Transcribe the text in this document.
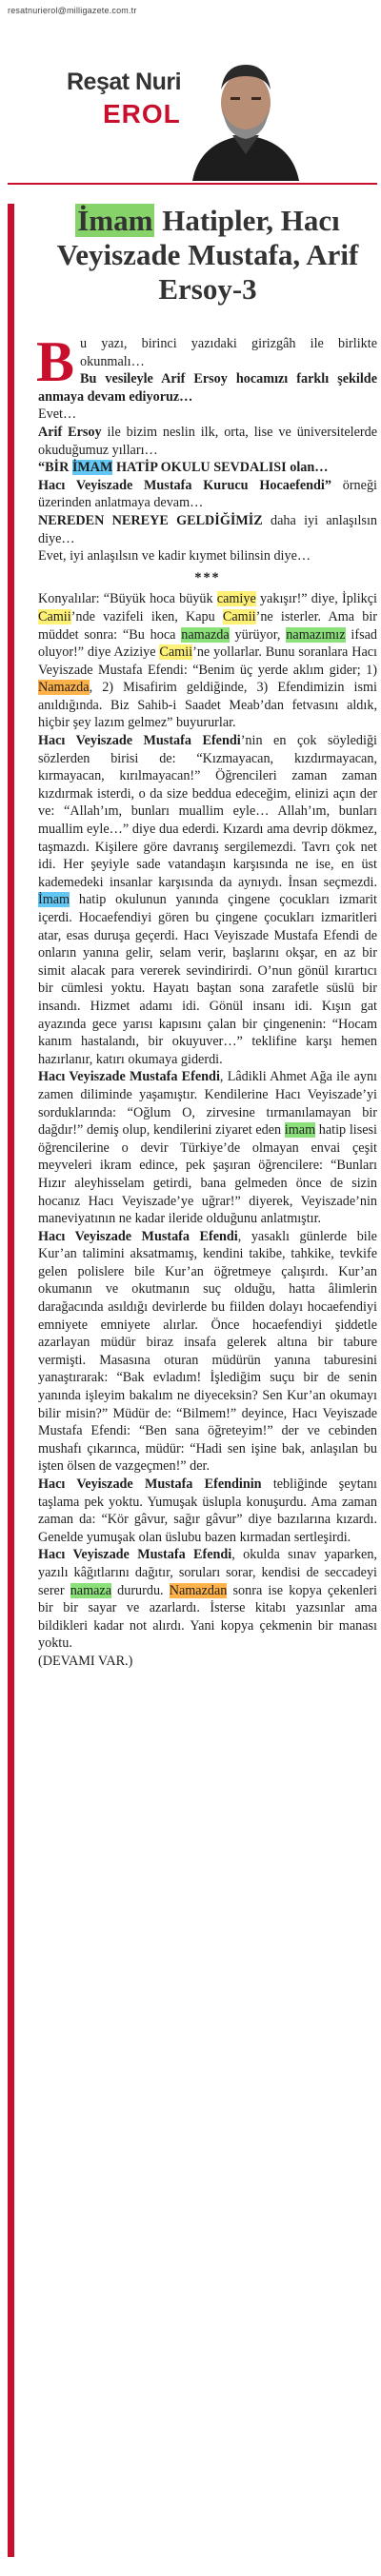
resatnurierol@milligazete.com.tr
Reşat Nuri
EROL
İmam Hatipler, Hacı Veyiszade Mustafa, Arif Ersoy-3

Bu yazı, birinci yazıdaki girizgâh ile birlikte okunmalı…

Bu vesileyle Arif Ersoy hocamızı farklı şekilde anmaya devam ediyoruz…

Evet…

Arif Ersoy ile bizim neslin ilk, orta, lise ve üniversitelerde okuduğumuz yılları…

“BİR İMAM HATİP OKULU SEVDALISI olan…

Hacı Veyiszade Mustafa Kurucu Hocaefendi” örneği üzerinden anlatmaya devam…

NEREDEN NEREYE GELDİĞİMİZ daha iyi anlaşılsın diye…

Evet, iyi anlaşılsın ve kadir kıymet bilinsin diye…

***

Konyalılar: “Büyük hoca büyük camiye yakışır!” diye, İplikçi Camii’nde vazifeli iken, Kapu Camii’ne isterler. Ama bir müddet sonra: “Bu hoca namazda yürüyor, namazımız ifsad oluyor!” diye Aziziye Camii’ne yollarlar. Bunu soranlara Hacı Veyiszade Mustafa Efendi: “Benim üç yerde aklım gider; 1) Namazda, 2) Misafirim geldiğinde, 3) Efendimizin ismi anıldığında. Biz Sahib-i Saadet Meab’dan fetvasını aldık, hiçbir şey lazım gelmez” buyururlar.

Hacı Veyiszade Mustafa Efendi’nin en çok söylediği sözlerden birisi de: “Kızmayacan, kızdırmayacan, kırmayacan, kırılmayacan!” Öğrencileri zaman zaman kızdırmak isterdi, o da size beddua edeceğim, elinizi açın der ve: “Allah’ım, bunları muallim eyle… Allah’ım, bunları muallim eyle…” diye dua ederdi. Kızardı ama devrip dökmez, taşmazdı. Kişilere göre davranış sergilemezdi. Tavrı çok net idi. Her şeyiyle sade vatandaşın karşısında ne ise, en üst kademedeki insanlar karşısında da aynıydı. İnsan seçmezdi. İmam hatip okulunun yanında çingene çocukları izmarit içerdi. Hocaefendiyi gören bu çingene çocukları izmaritleri atar, esas duruşa geçerdi. Hacı Veyiszade Mustafa Efendi de onların yanına gelir, selam verir, başlarını okşar, en az bir simit alacak para vererek sevindirirdi. O’nun gönül kırartıcı bir cümlesi yoktu. Hayatı baştan sona zarafetle süslü bir insandı. Hizmet adamı idi. Gönül insanı idi. Kışın gat ayazında gece yarısı kapısını çalan bir çingenenin: “Hocam kanım hastalandı, bir okuyuver…” teklifine karşı hemen hazırlanır, katırı okumaya giderdi.

Hacı Veyiszade Mustafa Efendi, Lâdikli Ahmet Ağa ile aynı zamen diliminde yaşamıştır. Kendilerine Hacı Veyiszade’yi sorduklarında: “Oğlum O, zirvesine tırmanılamayan bir dağdır!” demiş olup, kendilerini ziyaret eden imam hatip lisesi öğrencilerine o devir Türkiye’de olmayan envai çeşit meyveleri ikram edince, pek şaşıran öğrencilere: “Bunları Hızır aleyhisselam getirdi, bana gelmeden önce de sizin hocanız Hacı Veyiszade’ye uğrar!” diyerek, Veyiszade’nin maneviyatının ne kadar ileride olduğunu anlatmıştır.

Hacı Veyiszade Mustafa Efendi, yasaklı günlerde bile Kur’an talimini aksatmamış, kendini takibe, tahkike, tevkife gelen polislere bile Kur’an öğretmeye çalışırdı. Kur’an okumanın ve okutmanın suç olduğu, hatta âlimlerin darağacında asıldığı devirlerde bu fiilden dolayı hocaefendiyi emniyete emniyete alırlar. Önce hocaefendiyi şiddetle azarlayan müdür biraz insafa gelerek altına bir tabure vermişti. Masasına oturan müdürün yanına taburesini yanaştırarak: “Bak evladım! İşlediğim suçu bir de senin yanında işleyim bakalım ne diyeceksin? Sen Kur’an okumayı bilir misin?” Müdür de: “Bilmem!” deyince, Hacı Veyiszade Mustafa Efendi: “Ben sana öğreteyim!” der ve cebinden mushafı çıkarınca, müdür: “Hadi sen işine bak, anlaşılan bu işten ölsen de vazgeçmen!” der.

Hacı Veyiszade Mustafa Efendinin tebliğinde şeytanı taşlama pek yoktu. Yumuşak üslupla konuşurdu. Ama zaman zaman da: “Kör gâvur, sağır gâvur” diye bazılarına kızardı. Genelde yumuşak olan üslubu bazen kırmadan sertleşirdi.

Hacı Veyiszade Mustafa Efendi, okulda sınav yaparken, yazılı kâğıtlarını dağıtır, soruları sorar, kendisi de seccadeyi serer namaza dururdu. Namazdan sonra ise kopya çekenleri bir bir sayar ve azarlardı. İsterse kitabı yazsınlar ama bildikleri kadar not alırdı. Yani kopya çekmenin bir manası yoktu.

(DEVAMI VAR.)
